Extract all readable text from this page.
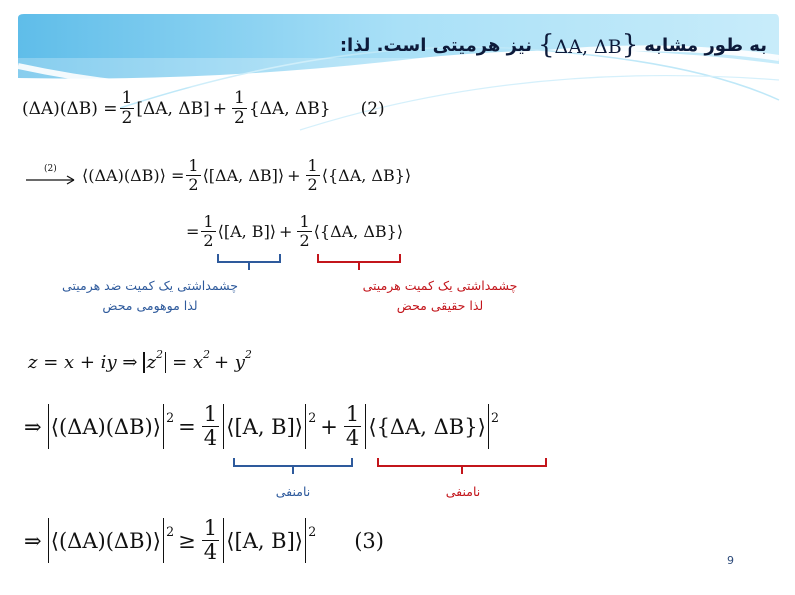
به طور مشابه
{ΔA, ΔB}
نیز هرمیتی است. لذا:
$(\Delta A)(\Delta B) = \frac{1}{2} [\Delta A$, $\Delta B] + \frac{1}{2} \{\Delta A$, ΔB} (2)
(2) ⟨(ΔA)(ΔB)⟩ = $\frac{1}{2}$ ⟨[ΔA, ΔB]⟩ + $\frac{1}{2}$ ⟨{ΔA, ΔB}⟩
= $\frac{1}{2}$ ⟨[A, B]⟩ + $\frac{1}{2}$ ⟨{ΔA, ΔB}⟩
چشمداشتی یک کمیت ضد هرمیتی
لذا موهومی محض
چشمداشتی یک کمیت هرمیتی
لذا حقیقی محض
z = x + iy ⇒ z 2 = x 2 + y 2
⇒ ⟨(ΔA)(ΔB)⟩ $2 = \frac{1}{4}$ ⟨[A, B]⟩ $2 + \frac{1}{4}$ ⟨{ΔA, ΔB}⟩ 2
نامنفی	نامنفی
⇒ ⟨(ΔA)(ΔB)⟩ $2 \ge \frac{1}{4}$ ⟨[A, B]⟩ 2 (3)
9
